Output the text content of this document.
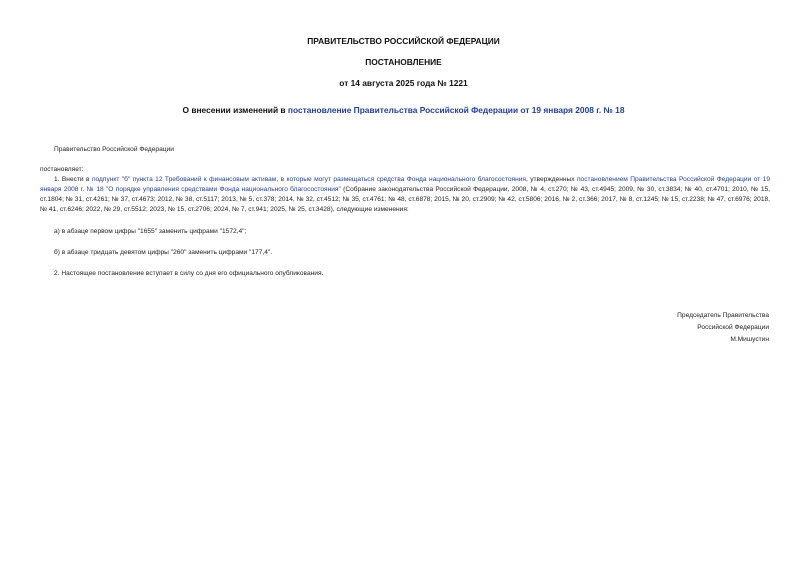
ПРАВИТЕЛЬСТВО РОССИЙСКОЙ ФЕДЕРАЦИИ
ПОСТАНОВЛЕНИЕ
от 14 августа 2025 года № 1221
О внесении изменений в постановление Правительства Российской Федерации от 19 января 2008 г. № 18
Правительство Российской Федерации
постановляет:
1. Внести в подпункт "б" пункта 12 Требований к финансовым активам, в которые могут размещаться средства Фонда национального благосостояния, утвержденных постановлением Правительства Российской Федерации от 19 января 2008 г. № 18 "О порядке управления средствами Фонда национального благосостояния" (Собрание законодательства Российской Федерации, 2008, № 4, ст.270; № 43, ст.4945; 2009, № 30, ст.3834; № 40, ст.4701; 2010, № 15, ст.1804; № 31, ст.4261; № 37, ст.4673; 2012, № 38, ст.5117; 2013, № 5, ст.378; 2014, № 32, ст.4512; № 35, ст.4761; № 48, ст.6878; 2015, № 20, ст.2909; № 42, ст.5806; 2016, № 2, ст.366; 2017, № 8, ст.1245; № 15, ст.2238; № 47, ст.6976; 2018, № 41, ст.6246; 2022, № 29, ст.5512; 2023, № 15, ст.2706; 2024, № 7, ст.941; 2025, № 25, ст.3428), следующие изменения:
а) в абзаце первом цифры "1655" заменить цифрами "1572,4";
б) в абзаце тридцать девятом цифры "260" заменить цифрами "177,4".
2. Настоящее постановление вступает в силу со дня его официального опубликования.
Председатель Правительства
Российской Федерации
М.Мишустин
